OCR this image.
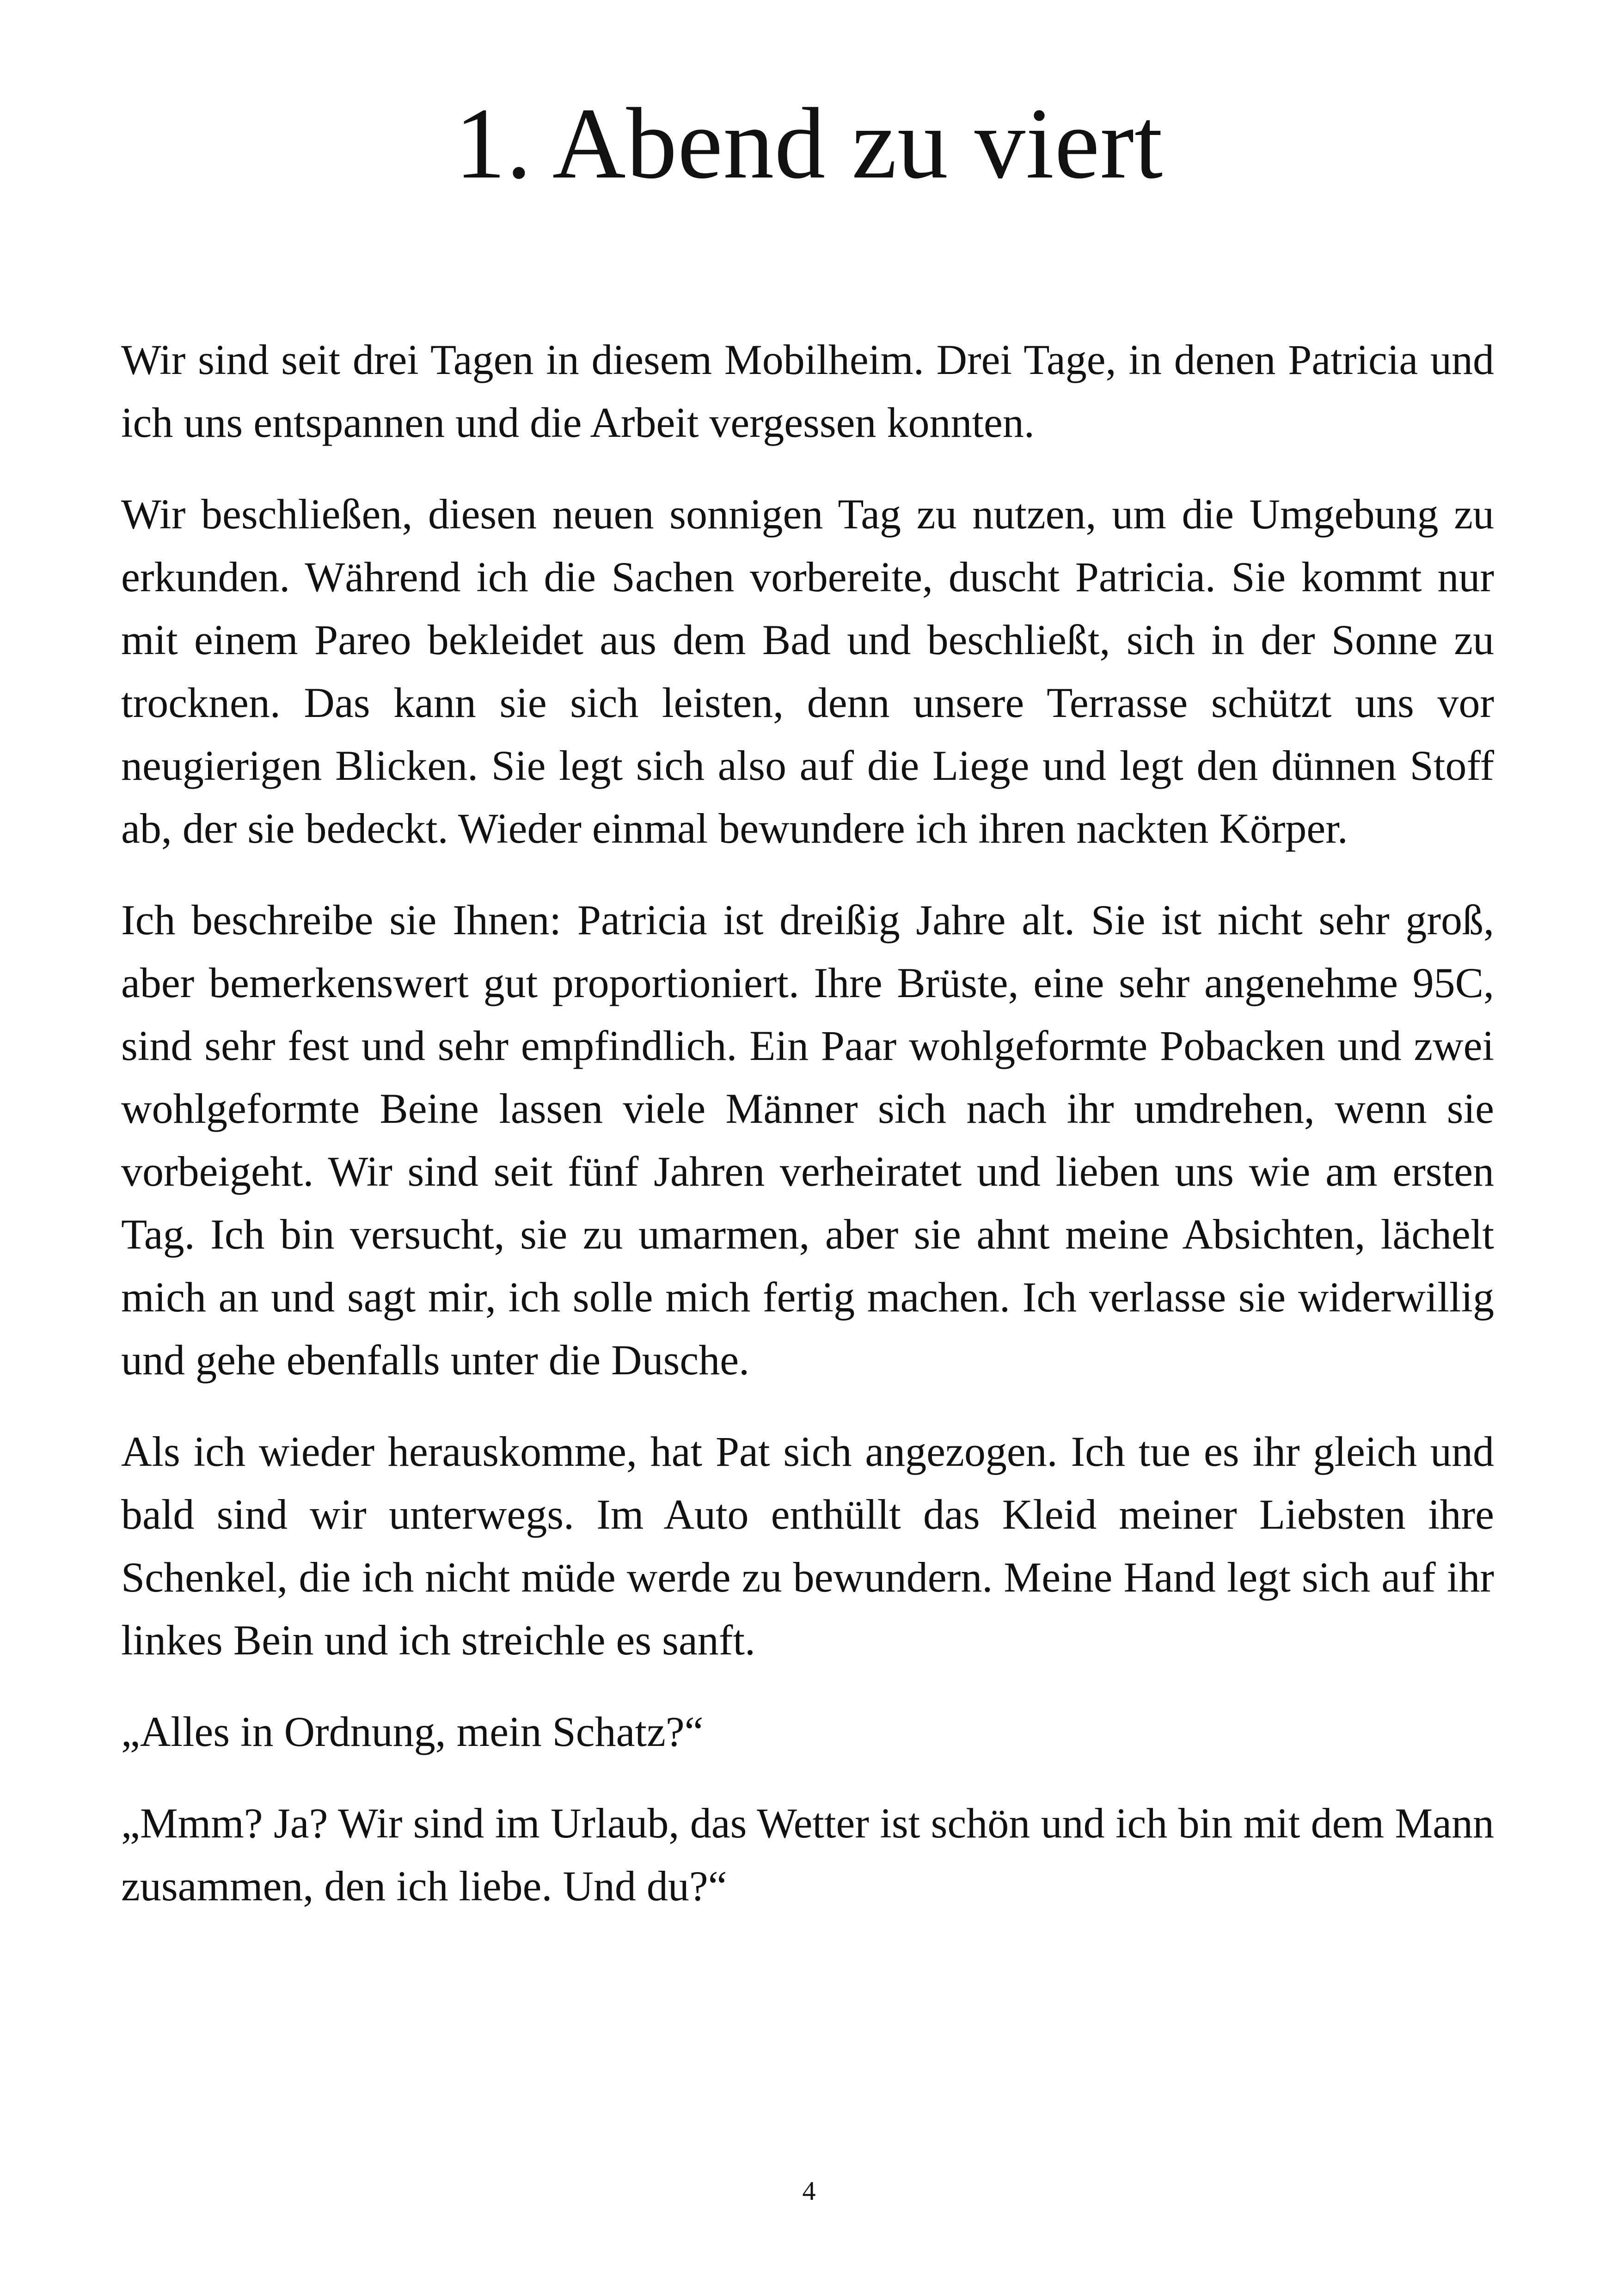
1. Abend zu viert

Wir sind seit drei Tagen in diesem Mobilheim. Drei Tage, in denen Patricia und ich uns entspannen und die Arbeit vergessen konnten.

Wir beschließen, diesen neuen sonnigen Tag zu nutzen, um die Umgebung zu erkunden. Während ich die Sachen vorbereite, duscht Patricia. Sie kommt nur mit einem Pareo bekleidet aus dem Bad und beschließt, sich in der Sonne zu trocknen. Das kann sie sich leisten, denn unsere Terrasse schützt uns vor neugierigen Blicken. Sie legt sich also auf die Liege und legt den dünnen Stoff ab, der sie bedeckt. Wieder einmal bewundere ich ihren nackten Körper.

Ich beschreibe sie Ihnen: Patricia ist dreißig Jahre alt. Sie ist nicht sehr groß, aber bemerkenswert gut proportioniert. Ihre Brüste, eine sehr angenehme 95C, sind sehr fest und sehr empfindlich. Ein Paar wohlgeformte Pobacken und zwei wohlgeformte Beine lassen viele Männer sich nach ihr umdrehen, wenn sie vorbeigeht. Wir sind seit fünf Jahren verheiratet und lieben uns wie am ersten Tag. Ich bin versucht, sie zu umarmen, aber sie ahnt meine Absichten, lächelt mich an und sagt mir, ich solle mich fertig machen. Ich verlasse sie widerwillig und gehe ebenfalls unter die Dusche.

Als ich wieder herauskomme, hat Pat sich angezogen. Ich tue es ihr gleich und bald sind wir unterwegs. Im Auto enthüllt das Kleid meiner Liebsten ihre Schenkel, die ich nicht müde werde zu bewundern. Meine Hand legt sich auf ihr linkes Bein und ich streichle es sanft.

„Alles in Ordnung, mein Schatz?“

„Mmm? Ja? Wir sind im Urlaub, das Wetter ist schön und ich bin mit dem Mann zusammen, den ich liebe. Und du?“

4
